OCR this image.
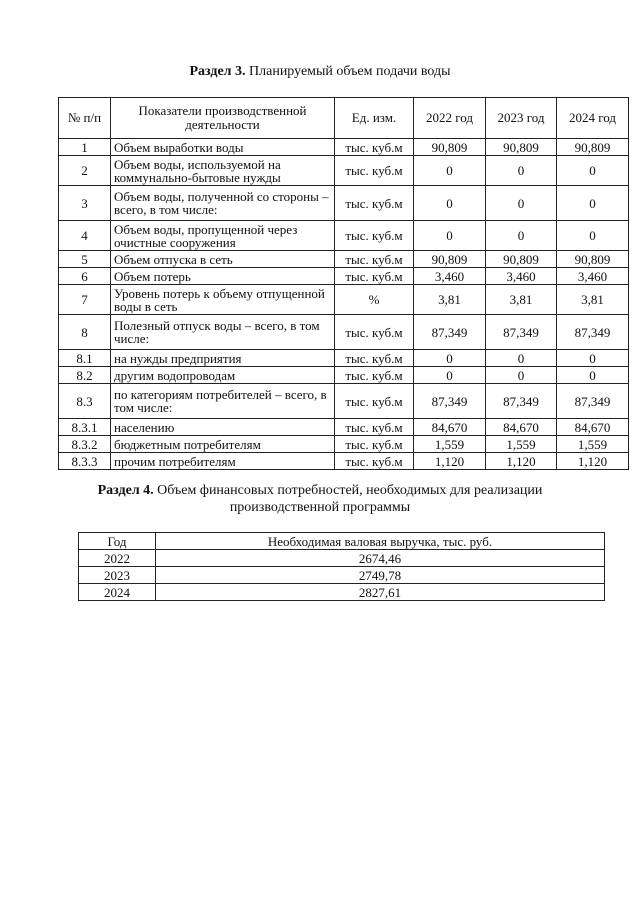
Раздел 3. Планируемый объем подачи воды
№ п/п	Показатели производственной деятельности	Ед. изм.	2022 год	2023 год	2024 год
1	Объем выработки воды	тыс. куб.м	90,809	90,809	90,809
2	Объем воды, используемой на коммунально-бытовые нужды	тыс. куб.м	0	0	0
3	Объем воды, полученной со стороны – всего, в том числе:	тыс. куб.м	0	0	0
4	Объем воды, пропущенной через очистные сооружения	тыс. куб.м	0	0	0
5	Объем отпуска в сеть	тыс. куб.м	90,809	90,809	90,809
6	Объем потерь	тыс. куб.м	3,460	3,460	3,460
7	Уровень потерь к объему отпущенной воды в сеть	%	3,81	3,81	3,81
8	Полезный отпуск воды – всего, в том числе:	тыс. куб.м	87,349	87,349	87,349
8.1	на нужды предприятия	тыс. куб.м	0	0	0
8.2	другим водопроводам	тыс. куб.м	0	0	0
8.3	по категориям потребителей – всего, в том числе:	тыс. куб.м	87,349	87,349	87,349
8.3.1	населению	тыс. куб.м	84,670	84,670	84,670
8.3.2	бюджетным потребителям	тыс. куб.м	1,559	1,559	1,559
8.3.3	прочим потребителям	тыс. куб.м	1,120	1,120	1,120
Раздел 4. Объем финансовых потребностей, необходимых для реализации производственной программы
Год	Необходимая валовая выручка, тыс. руб.
2022	2674,46
2023	2749,78
2024	2827,61
